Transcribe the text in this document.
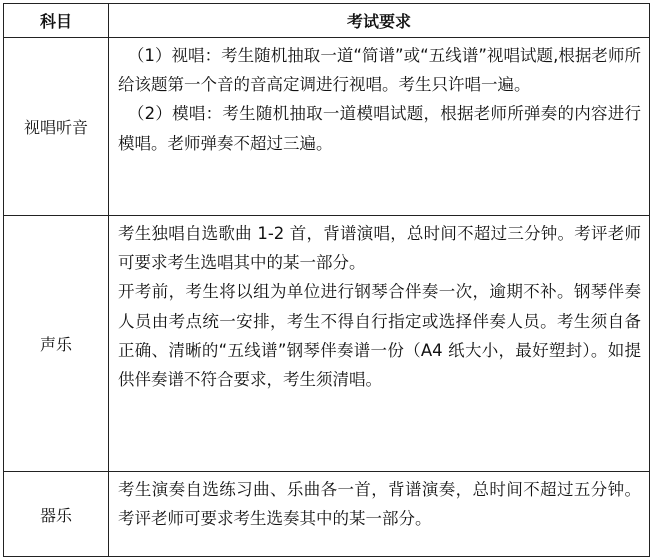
科目	考试要求
视唱听音	（1）视唱：考生随机抽取一道“简谱”或“五线谱”视唱试题,根据老师所给该题第一个音的音高定调进行视唱。考生只许唱一遍。

（2）模唱：考生随机抽取一道模唱试题，根据老师所弹奏的内容进行模唱。老师弹奏不超过三遍。

声乐	考生独唱自选歌曲 1-2 首，背谱演唱，总时间不超过三分钟。考评老师可要求考生选唱其中的某一部分。

开考前，考生将以组为单位进行钢琴合伴奏一次，逾期不补。钢琴伴奏人员由考点统一安排，考生不得自行指定或选择伴奏人员。考生须自备正确、清晰的“五线谱”钢琴伴奏谱一份（A4 纸大小，最好塑封）。如提供伴奏谱不符合要求，考生须清唱。

器乐	考生演奏自选练习曲、乐曲各一首，背谱演奏，总时间不超过五分钟。考评老师可要求考生选奏其中的某一部分。
